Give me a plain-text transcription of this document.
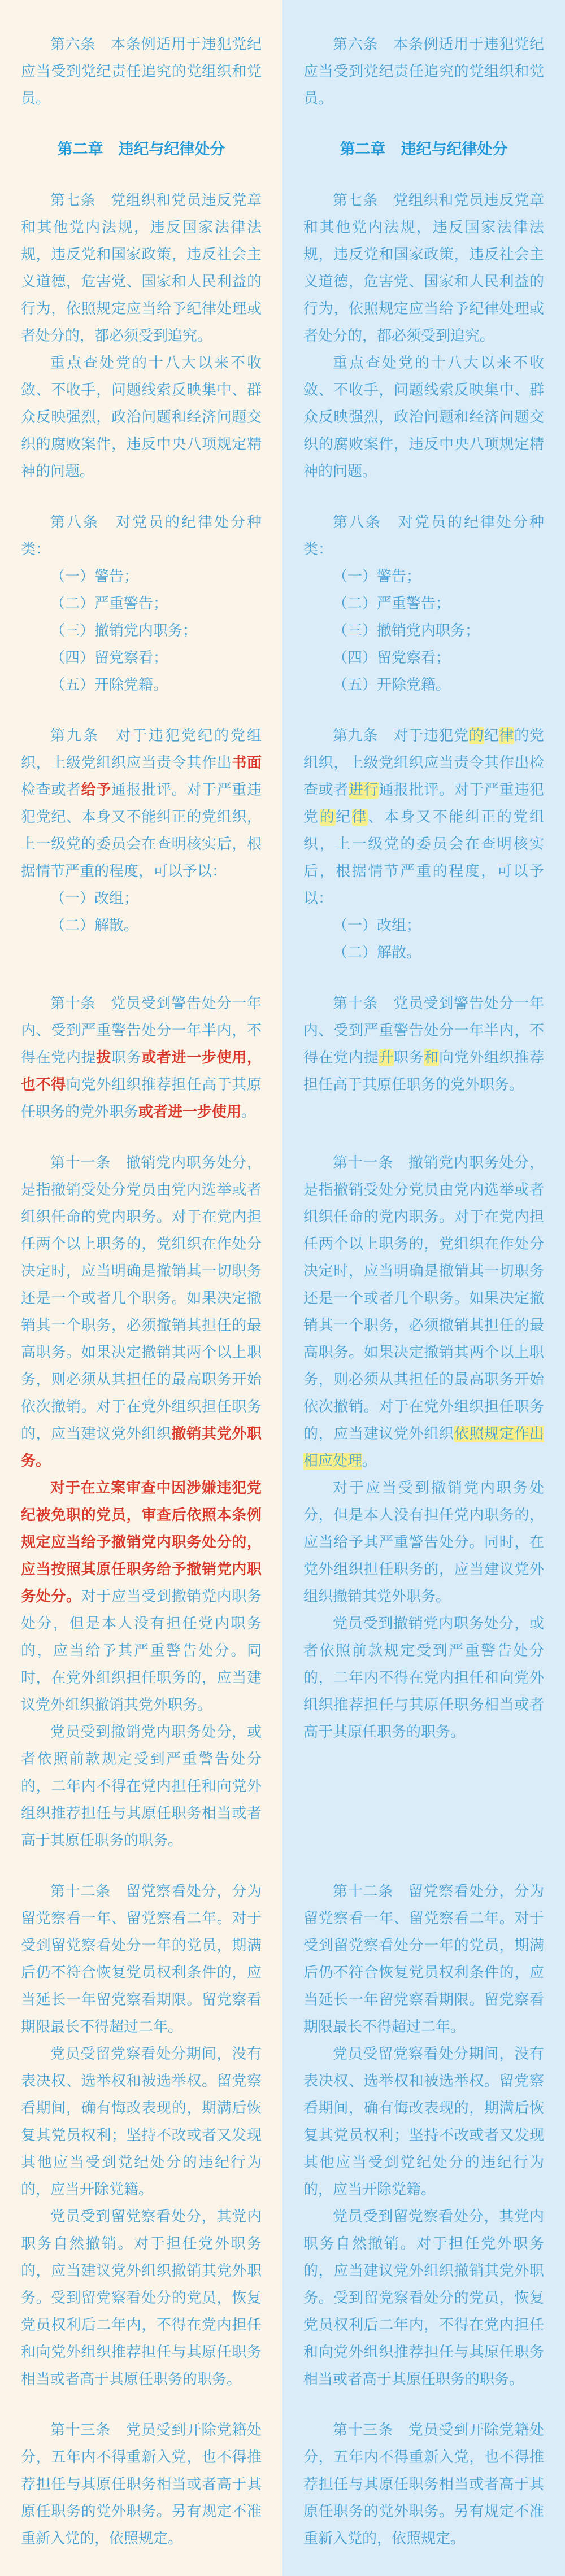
第六条　本条例适用于违犯党纪应当受到党纪责任追究的党组织和党员。

第六条　本条例适用于违犯党纪应当受到党纪责任追究的党组织和党员。

第二章　违纪与纪律处分	第二章　违纪与纪律处分

第七条　党组织和党员违反党章和其他党内法规，违反国家法律法规，违反党和国家政策，违反社会主义道德，危害党、国家和人民利益的行为，依照规定应当给予纪律处理或者处分的，都必须受到追究。

重点查处党的十八大以来不收敛、不收手，问题线索反映集中、群众反映强烈，政治问题和经济问题交织的腐败案件，违反中央八项规定精神的问题。

第七条　党组织和党员违反党章和其他党内法规，违反国家法律法规，违反党和国家政策，违反社会主义道德，危害党、国家和人民利益的行为，依照规定应当给予纪律处理或者处分的，都必须受到追究。

重点查处党的十八大以来不收敛、不收手，问题线索反映集中、群众反映强烈，政治问题和经济问题交织的腐败案件，违反中央八项规定精神的问题。

第八条　对党员的纪律处分种类：

（一）警告；

（二）严重警告；

（三）撤销党内职务；

（四）留党察看；

（五）开除党籍。

第八条　对党员的纪律处分种类：

（一）警告；

（二）严重警告；

（三）撤销党内职务；

（四）留党察看；

（五）开除党籍。

第九条　对于违犯党纪的党组织，上级党组织应当责令其作出书面检查或者给予通报批评。对于严重违犯党纪、本身又不能纠正的党组织，上一级党的委员会在查明核实后，根据情节严重的程度，可以予以：

（一）改组；

（二）解散。

第九条　对于违犯党的纪律的党组织，上级党组织应当责令其作出检查或者进行通报批评。对于严重违犯党的纪律、本身又不能纠正的党组织，上一级党的委员会在查明核实后，根据情节严重的程度，可以予以：

（一）改组；

（二）解散。

第十条　党员受到警告处分一年内、受到严重警告处分一年半内，不得在党内提拔职务或者进一步使用，也不得向党外组织推荐担任高于其原任职务的党外职务或者进一步使用。

第十条　党员受到警告处分一年内、受到严重警告处分一年半内，不得在党内提升职务和向党外组织推荐担任高于其原任职务的党外职务。

第十一条　撤销党内职务处分，是指撤销受处分党员由党内选举或者组织任命的党内职务。对于在党内担任两个以上职务的，党组织在作处分决定时，应当明确是撤销其一切职务还是一个或者几个职务。如果决定撤销其一个职务，必须撤销其担任的最高职务。如果决定撤销其两个以上职务，则必须从其担任的最高职务开始依次撤销。对于在党外组织担任职务的，应当建议党外组织撤销其党外职务。

对于在立案审查中因涉嫌违犯党纪被免职的党员，审查后依照本条例规定应当给予撤销党内职务处分的，应当按照其原任职务给予撤销党内职务处分。对于应当受到撤销党内职务处分，但是本人没有担任党内职务的，应当给予其严重警告处分。同时，在党外组织担任职务的，应当建议党外组织撤销其党外职务。

党员受到撤销党内职务处分，或者依照前款规定受到严重警告处分的，二年内不得在党内担任和向党外组织推荐担任与其原任职务相当或者高于其原任职务的职务。

第十一条　撤销党内职务处分，是指撤销受处分党员由党内选举或者组织任命的党内职务。对于在党内担任两个以上职务的，党组织在作处分决定时，应当明确是撤销其一切职务还是一个或者几个职务。如果决定撤销其一个职务，必须撤销其担任的最高职务。如果决定撤销其两个以上职务，则必须从其担任的最高职务开始依次撤销。对于在党外组织担任职务的，应当建议党外组织依照规定作出相应处理。

对于应当受到撤销党内职务处分，但是本人没有担任党内职务的，应当给予其严重警告处分。同时，在党外组织担任职务的，应当建议党外组织撤销其党外职务。

党员受到撤销党内职务处分，或者依照前款规定受到严重警告处分的，二年内不得在党内担任和向党外组织推荐担任与其原任职务相当或者高于其原任职务的职务。

第十二条　留党察看处分，分为留党察看一年、留党察看二年。对于受到留党察看处分一年的党员，期满后仍不符合恢复党员权利条件的，应当延长一年留党察看期限。留党察看期限最长不得超过二年。

党员受留党察看处分期间，没有表决权、选举权和被选举权。留党察看期间，确有悔改表现的，期满后恢复其党员权利；坚持不改或者又发现其他应当受到党纪处分的违纪行为的，应当开除党籍。

党员受到留党察看处分，其党内职务自然撤销。对于担任党外职务的，应当建议党外组织撤销其党外职务。受到留党察看处分的党员，恢复党员权利后二年内，不得在党内担任和向党外组织推荐担任与其原任职务相当或者高于其原任职务的职务。

第十二条　留党察看处分，分为留党察看一年、留党察看二年。对于受到留党察看处分一年的党员，期满后仍不符合恢复党员权利条件的，应当延长一年留党察看期限。留党察看期限最长不得超过二年。

党员受留党察看处分期间，没有表决权、选举权和被选举权。留党察看期间，确有悔改表现的，期满后恢复其党员权利；坚持不改或者又发现其他应当受到党纪处分的违纪行为的，应当开除党籍。

党员受到留党察看处分，其党内职务自然撤销。对于担任党外职务的，应当建议党外组织撤销其党外职务。受到留党察看处分的党员，恢复党员权利后二年内，不得在党内担任和向党外组织推荐担任与其原任职务相当或者高于其原任职务的职务。

第十三条　党员受到开除党籍处分，五年内不得重新入党，也不得推荐担任与其原任职务相当或者高于其原任职务的党外职务。另有规定不准重新入党的，依照规定。

第十三条　党员受到开除党籍处分，五年内不得重新入党，也不得推荐担任与其原任职务相当或者高于其原任职务的党外职务。另有规定不准重新入党的，依照规定。
